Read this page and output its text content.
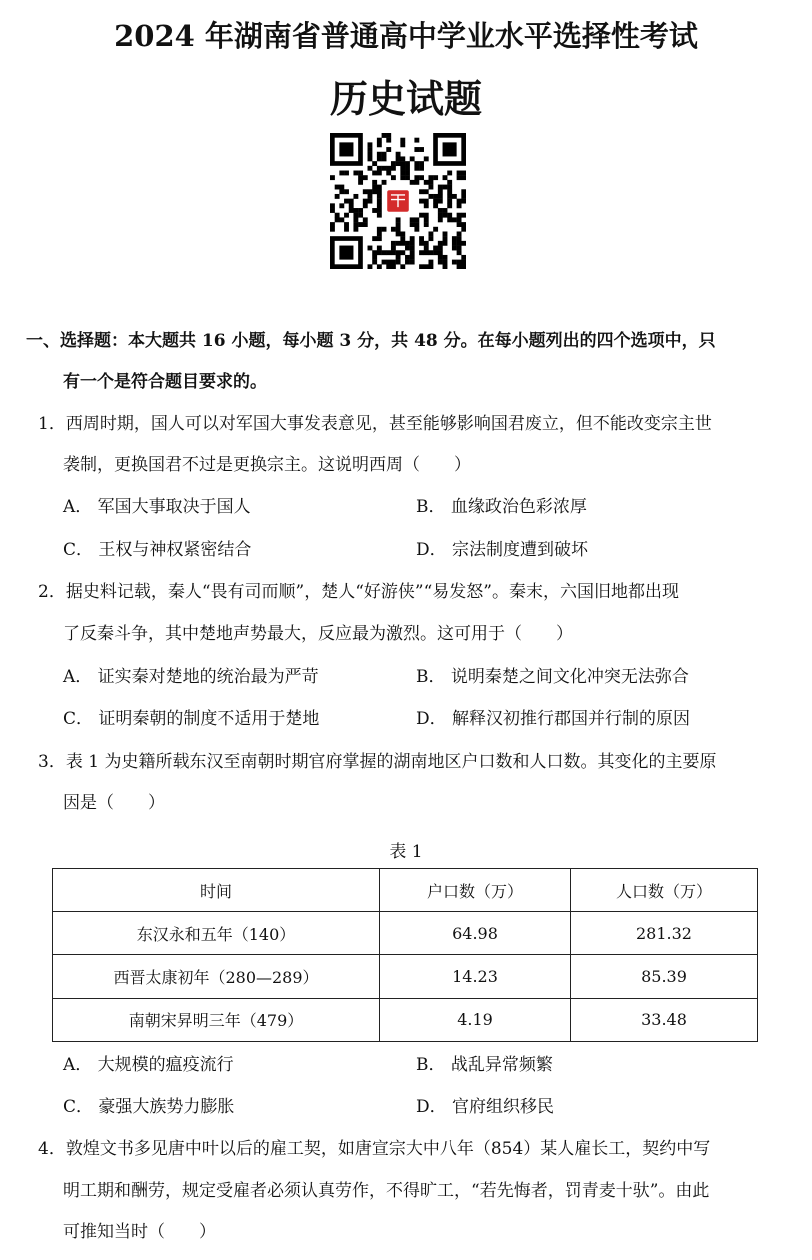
2024 年湖南省普通高中学业水平选择性考试
历史试题
一、选择题：本大题共 16 小题，每小题 3 分，共 48 分。在每小题列出的四个选项中，只
有一个是符合题目要求的。
1．西周时期，国人可以对军国大事发表意见，甚至能够影响国君废立，但不能改变宗主世
袭制，更换国君不过是更换宗主。这说明西周（　　）
A． 军国大事取决于国人	B． 血缘政治色彩浓厚
C． 王权与神权紧密结合	D． 宗法制度遭到破坏
2．据史料记载，秦人“畏有司而顺”，楚人“好游侠”“易发怒”。秦末，六国旧地都出现
了反秦斗争，其中楚地声势最大，反应最为激烈。这可用于（　　）
A． 证实秦对楚地的统治最为严苛	B． 说明秦楚之间文化冲突无法弥合
C． 证明秦朝的制度不适用于楚地	D． 解释汉初推行郡国并行制的原因
3．表 1 为史籍所载东汉至南朝时期官府掌握的湖南地区户口数和人口数。其变化的主要原
因是（　　）
表 1
时间	户口数（万）	人口数（万）
东汉永和五年（140）	64.98	281.32
西晋太康初年（280—289）	14.23	85.39
南朝宋昇明三年（479）	4.19	33.48
A． 大规模的瘟疫流行	B． 战乱异常频繁
C． 豪强大族势力膨胀	D． 官府组织移民
4．敦煌文书多见唐中叶以后的雇工契，如唐宣宗大中八年（854）某人雇长工，契约中写
明工期和酬劳，规定受雇者必须认真劳作，不得旷工，“若先悔者，罚青麦十驮”。由此
可推知当时（　　）
